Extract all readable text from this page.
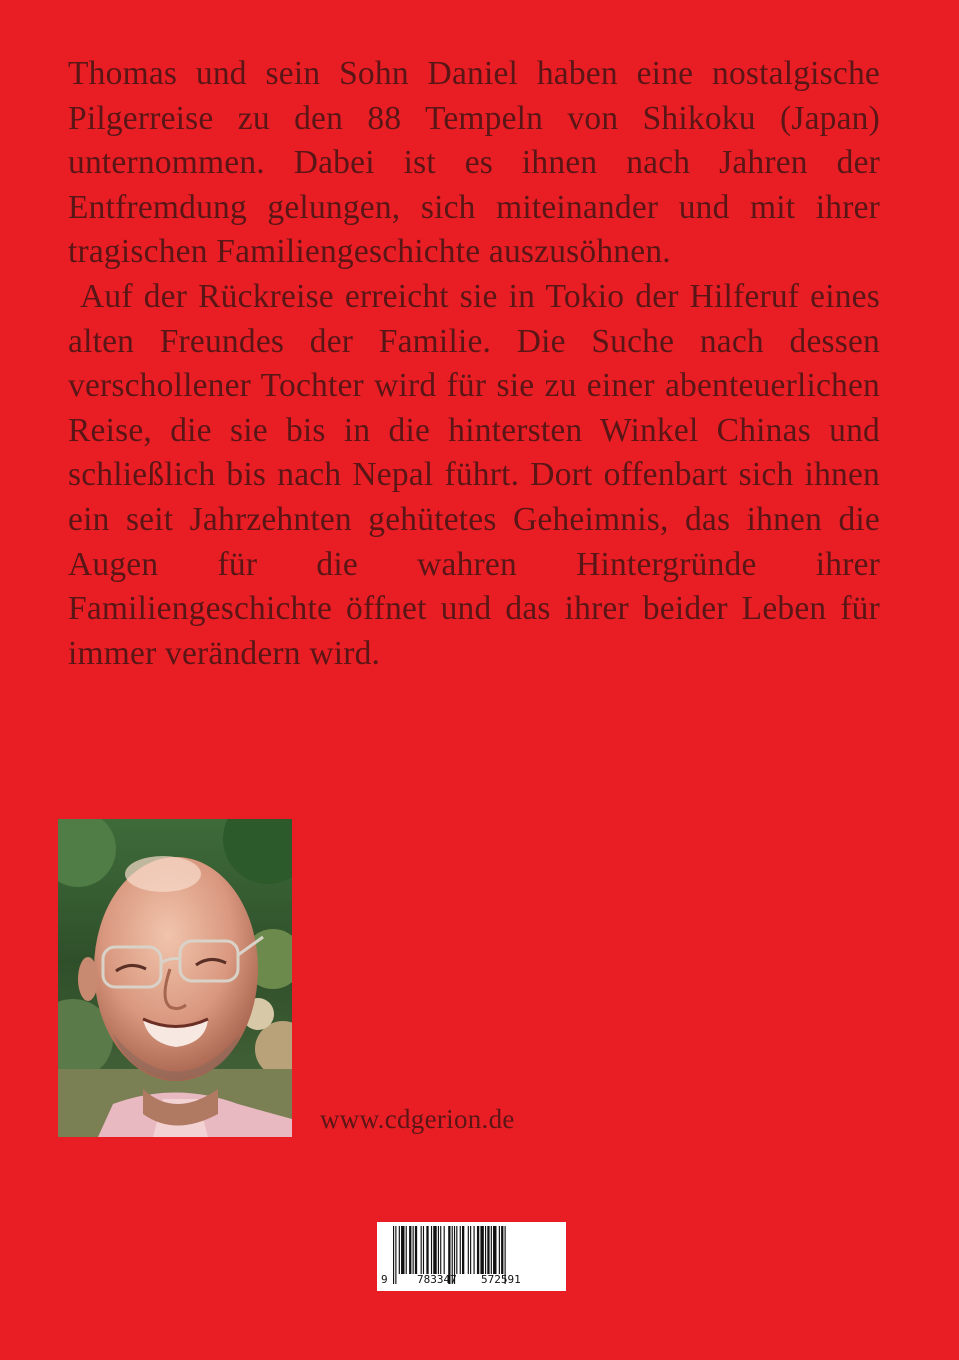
Thomas und sein Sohn Daniel haben eine nostalgische Pilgerreise zu den 88 Tempeln von Shikoku (Japan) unternommen. Dabei ist es ihnen nach Jahren der Entfremdung gelungen, sich miteinander und mit ihrer tragischen Familiengeschichte auszusöhnen.

Auf der Rückreise erreicht sie in Tokio der Hilferuf eines alten Freundes der Familie. Die Suche nach dessen verschollener Tochter wird für sie zu einer abenteuerlichen Reise, die sie bis in die hintersten Winkel Chinas und schließlich bis nach Nepal führt. Dort offenbart sich ihnen ein seit Jahrzehnten gehütetes Geheimnis, das ihnen die Augen für die wahren Hintergründe ihrer Familiengeschichte öffnet und das ihrer beider Leben für immer verändern wird.

www.cdgerion.de
9	783347 572591
